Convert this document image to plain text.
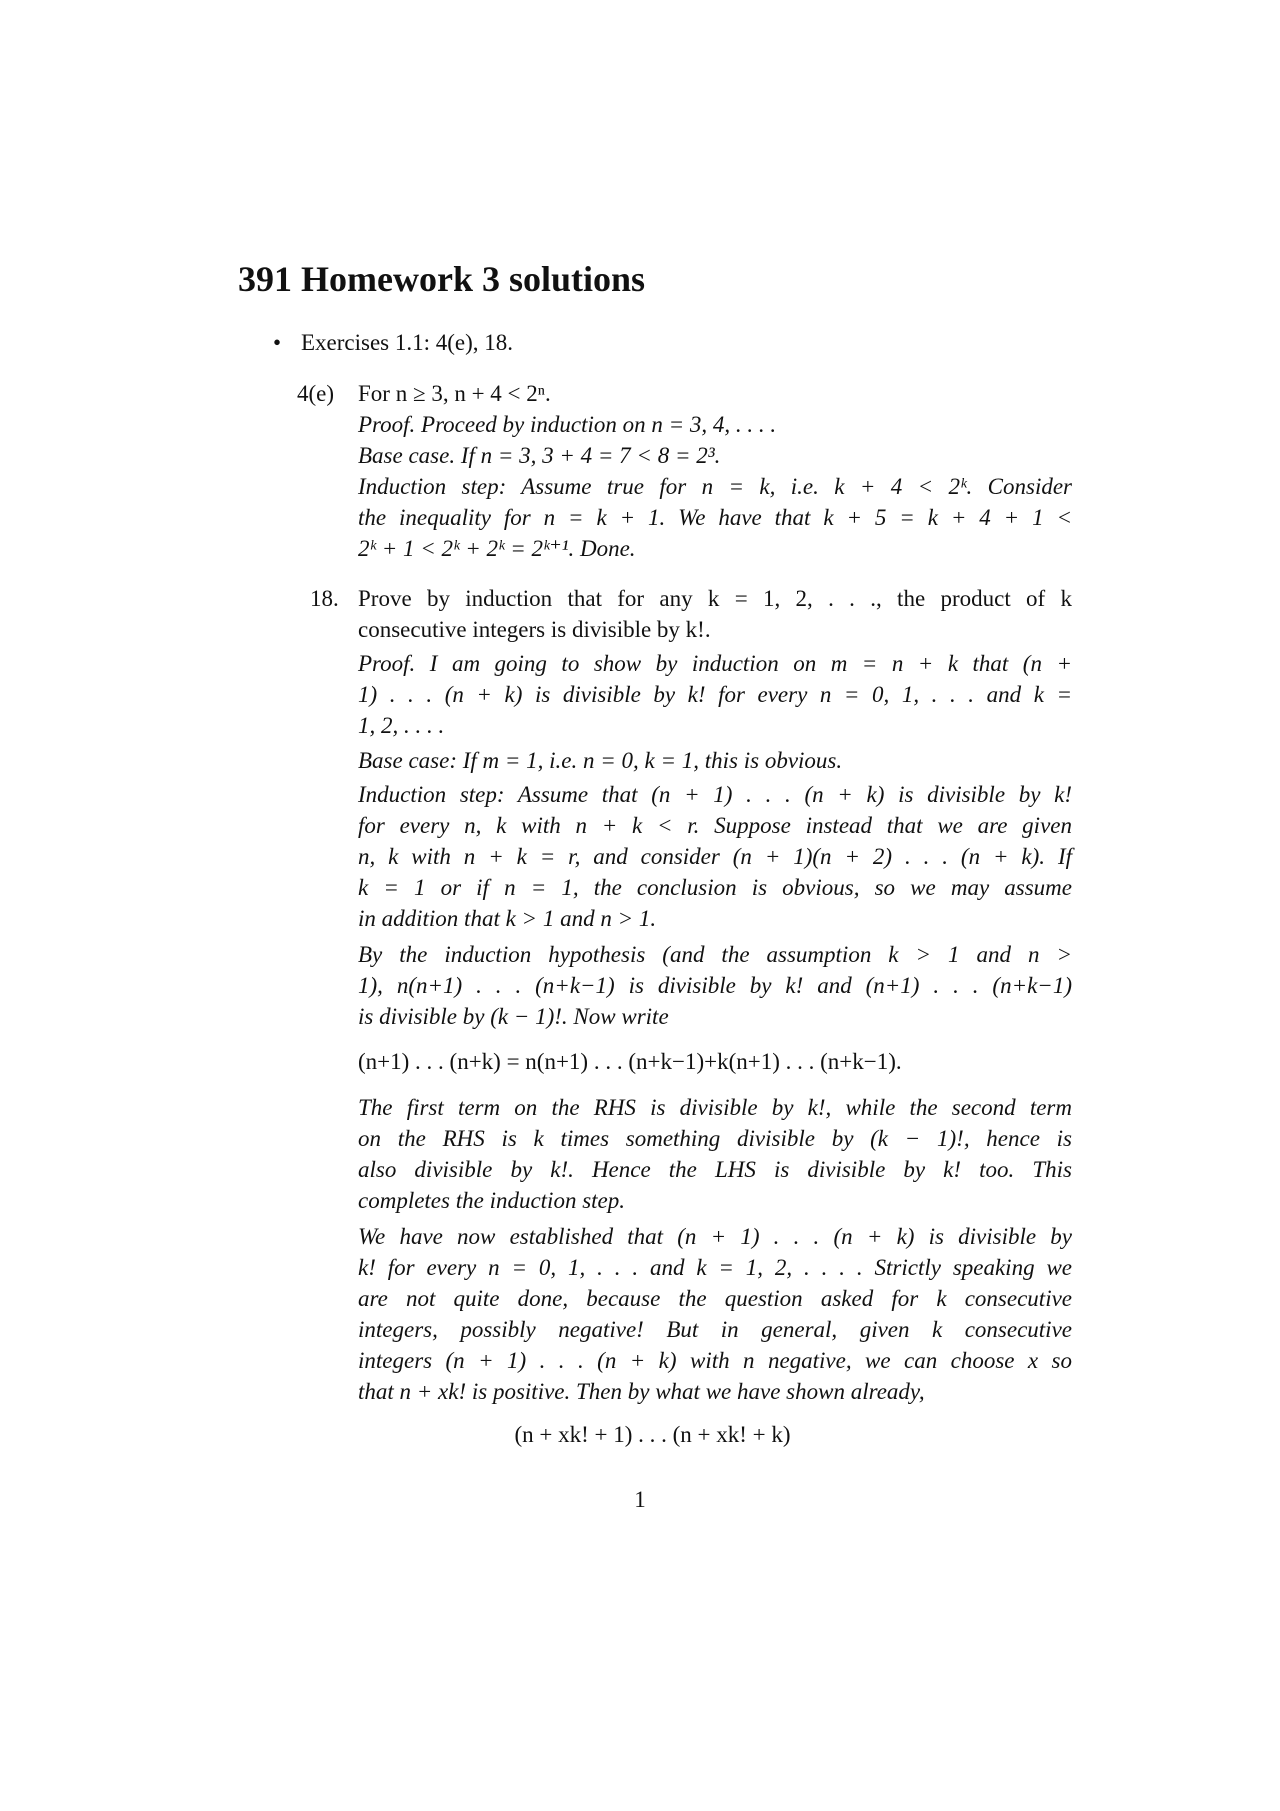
391 Homework 3 solutions
• Exercises 1.1: 4(e), 18.
4(e) For n ≥ 3, n + 4 < 2ⁿ.
Proof. Proceed by induction on n = 3, 4, . . . .
Base case. If n = 3, 3 + 4 = 7 < 8 = 2³.
Induction step: Assume true for n = k, i.e. k + 4 < 2ᵏ. Consider
the inequality for n = k + 1. We have that k + 5 = k + 4 + 1 <
2ᵏ + 1 < 2ᵏ + 2ᵏ = 2ᵏ⁺¹. Done.
18. Prove by induction that for any k = 1, 2, . . ., the product of k
consecutive integers is divisible by k!.
Proof. I am going to show by induction on m = n + k that (n +
1) . . . (n + k) is divisible by k! for every n = 0, 1, . . . and k =
1, 2, . . . .
Base case: If m = 1, i.e. n = 0, k = 1, this is obvious.
Induction step: Assume that (n + 1) . . . (n + k) is divisible by k!
for every n, k with n + k < r. Suppose instead that we are given
n, k with n + k = r, and consider (n + 1)(n + 2) . . . (n + k). If
k = 1 or if n = 1, the conclusion is obvious, so we may assume
in addition that k > 1 and n > 1.
By the induction hypothesis (and the assumption k > 1 and n >
1), n(n+1) . . . (n+k−1) is divisible by k! and (n+1) . . . (n+k−1)
is divisible by (k − 1)!. Now write
(n+1) . . . (n+k) = n(n+1) . . . (n+k−1)+k(n+1) . . . (n+k−1).
The first term on the RHS is divisible by k!, while the second term
on the RHS is k times something divisible by (k − 1)!, hence is
also divisible by k!. Hence the LHS is divisible by k! too. This
completes the induction step.
We have now established that (n + 1) . . . (n + k) is divisible by
k! for every n = 0, 1, . . . and k = 1, 2, . . . . Strictly speaking we
are not quite done, because the question asked for k consecutive
integers, possibly negative! But in general, given k consecutive
integers (n + 1) . . . (n + k) with n negative, we can choose x so
that n + xk! is positive. Then by what we have shown already,
(n + xk! + 1) . . . (n + xk! + k)
1
